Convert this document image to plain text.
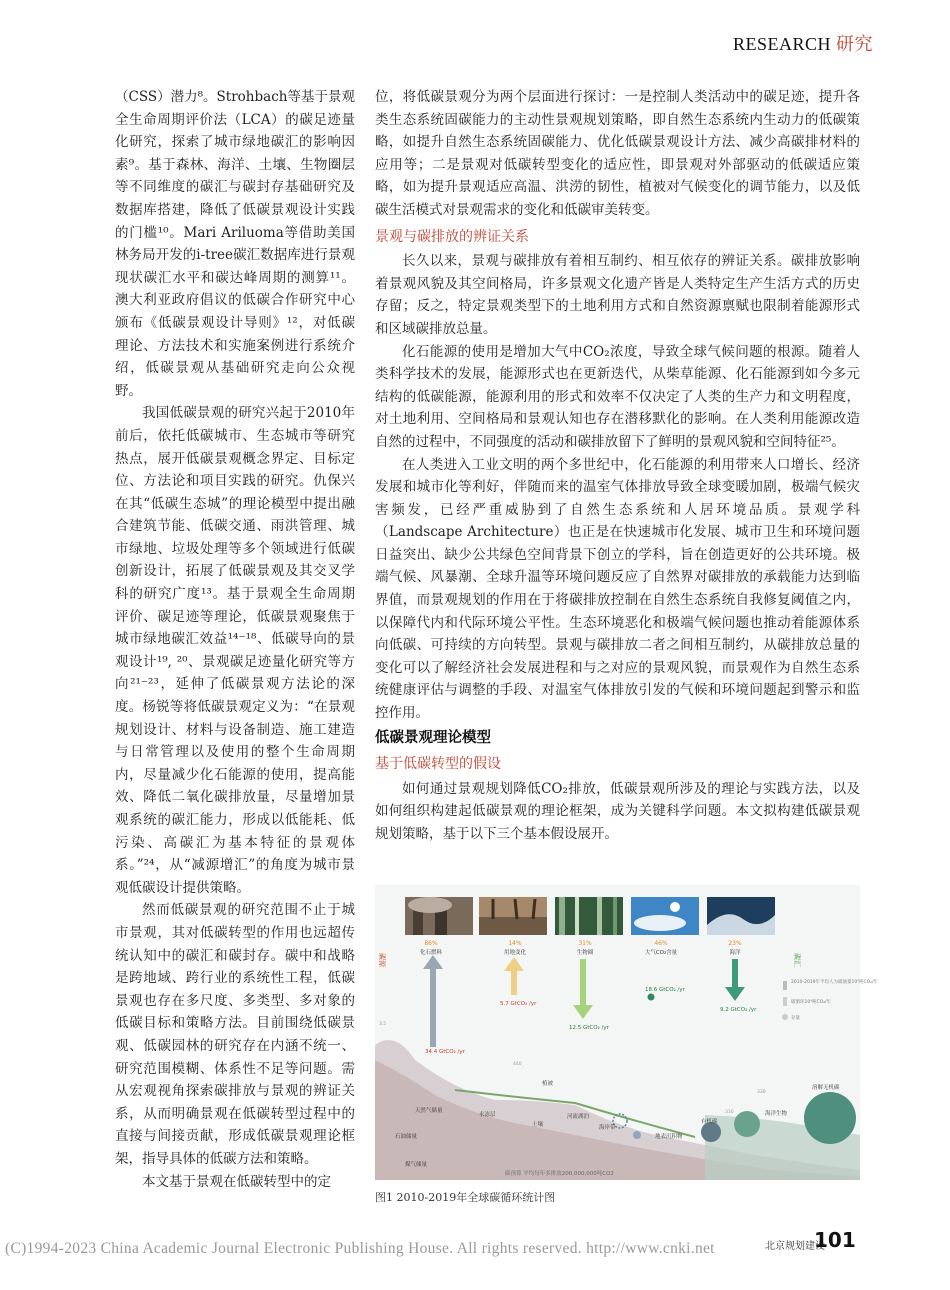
RESEARCH 研究

（CSS）潜力⁸。Strohbach等基于景观全生命周期评价法（LCA）的碳足迹量化研究，探索了城市绿地碳汇的影响因素⁹。基于森林、海洋、土壤、生物圈层等不同维度的碳汇与碳封存基础研究及数据库搭建，降低了低碳景观设计实践的门槛¹⁰。Mari Ariluoma等借助美国林务局开发的i-tree碳汇数据库进行景观现状碳汇水平和碳达峰周期的测算¹¹。澳大利亚政府倡议的低碳合作研究中心颁布《低碳景观设计导则》¹²，对低碳理论、方法技术和实施案例进行系统介绍，低碳景观从基础研究走向公众视野。

我国低碳景观的研究兴起于2010年前后，依托低碳城市、生态城市等研究热点，展开低碳景观概念界定、目标定位、方法论和项目实践的研究。仇保兴在其“低碳生态城”的理论模型中提出融合建筑节能、低碳交通、雨洪管理、城市绿地、垃圾处理等多个领域进行低碳创新设计，拓展了低碳景观及其交叉学科的研究广度¹³。基于景观全生命周期评价、碳足迹等理论，低碳景观聚焦于城市绿地碳汇效益¹⁴⁻¹⁸、低碳导向的景观设计¹⁹, ²⁰、景观碳足迹量化研究等方向²¹⁻²³，延伸了低碳景观方法论的深度。杨锐等将低碳景观定义为：“在景观规划设计、材料与设备制造、施工建造与日常管理以及使用的整个生命周期内，尽量减少化石能源的使用，提高能效、降低二氧化碳排放量，尽量增加景观系统的碳汇能力，形成以低能耗、低污染、高碳汇为基本特征的景观体系。”²⁴，从“减源增汇”的角度为城市景观低碳设计提供策略。

然而低碳景观的研究范围不止于城市景观，其对低碳转型的作用也远超传统认知中的碳汇和碳封存。碳中和战略是跨地域、跨行业的系统性工程，低碳景观也存在多尺度、多类型、多对象的低碳目标和策略方法。目前围绕低碳景观、低碳园林的研究存在内涵不统一、研究范围模糊、体系性不足等问题。需从宏观视角探索碳排放与景观的辨证关系，从而明确景观在低碳转型过程中的直接与间接贡献，形成低碳景观理论框架，指导具体的低碳方法和策略。

本文基于景观在低碳转型中的定

位，将低碳景观分为两个层面进行探讨：一是控制人类活动中的碳足迹，提升各类生态系统固碳能力的主动性景观规划策略，即自然生态系统内生动力的低碳策略，如提升自然生态系统固碳能力、优化低碳景观设计方法、减少高碳排材料的应用等；二是景观对低碳转型变化的适应性，即景观对外部驱动的低碳适应策略，如为提升景观适应高温、洪涝的韧性，植被对气候变化的调节能力，以及低碳生活模式对景观需求的变化和低碳审美转变。

景观与碳排放的辨证关系

长久以来，景观与碳排放有着相互制约、相互依存的辨证关系。碳排放影响着景观风貌及其空间格局，许多景观文化遗产皆是人类特定生产生活方式的历史存留；反之，特定景观类型下的土地利用方式和自然资源禀赋也限制着能源形式和区域碳排放总量。

化石能源的使用是增加大气中CO₂浓度，导致全球气候问题的根源。随着人类科学技术的发展，能源形式也在更新迭代，从柴草能源、化石能源到如今多元结构的低碳能源，能源利用的形式和效率不仅决定了人类的生产力和文明程度，对土地利用、空间格局和景观认知也存在潜移默化的影响。在人类利用能源改造自然的过程中，不同强度的活动和碳排放留下了鲜明的景观风貌和空间特征²⁵。

在人类进入工业文明的两个多世纪中，化石能源的利用带来人口增长、经济发展和城市化等利好，伴随而来的温室气体排放导致全球变暖加剧，极端气候灾害频发，已经严重威胁到了自然生态系统和人居环境品质。景观学科（Landscape Architecture）也正是在快速城市化发展、城市卫生和环境问题日益突出、缺少公共绿色空间背景下创立的学科，旨在创造更好的公共环境。极端气候、风暴潮、全球升温等环境问题反应了自然界对碳排放的承载能力达到临界值，而景观规划的作用在于将碳排放控制在自然生态系统自我修复阈值之内，以保障代内和代际环境公平性。生态环境恶化和极端气候问题也推动着能源体系向低碳、可持续的方向转型。景观与碳排放二者之间相互制约，从碳排放总量的变化可以了解经济社会发展进程和与之对应的景观风貌，而景观作为自然生态系统健康评估与调整的手段、对温室气体排放引发的气候和环境问题起到警示和监控作用。

低碳景观理论模型

基于低碳转型的假设

如何通过景观规划降低CO₂排放，低碳景观所涉及的理论与实践方法，以及如何组织构建起低碳景观的理论框架，成为关键科学问题。本文拟构建低碳景观规划策略，基于以下三个基本假设展开。

碳源	碳汇
86%
化石燃料
14%
用地变化
31%
生物圈
46%
大气CO₂含量
23%
海洋
34.4 GtCO₂ /yr
5.7 GtCO₂ /yr
12.5 GtCO₂ /yr
18.6 GtCO₂ /yr
9.2 GtCO₂ /yr
2010-2019年平均人为碳通量10⁹吨CO₂/年
碳循环10⁹吨CO₂/年
存量
天然气储量
石油储量
煤气储量
永冻层
植被
土壤
河流湖泊
海岸带
地表沉积物
有机碳
海洋生物
溶解无机碳
3.5
440
330
330
碳预算 平均每年多排放200,000,000吨CO2
图1 2010-2019年全球碳循环统计图
(C)1994-2023 China Academic Journal Electronic Publishing House. All rights reserved. http://www.cnki.net	北京规划建设
101
